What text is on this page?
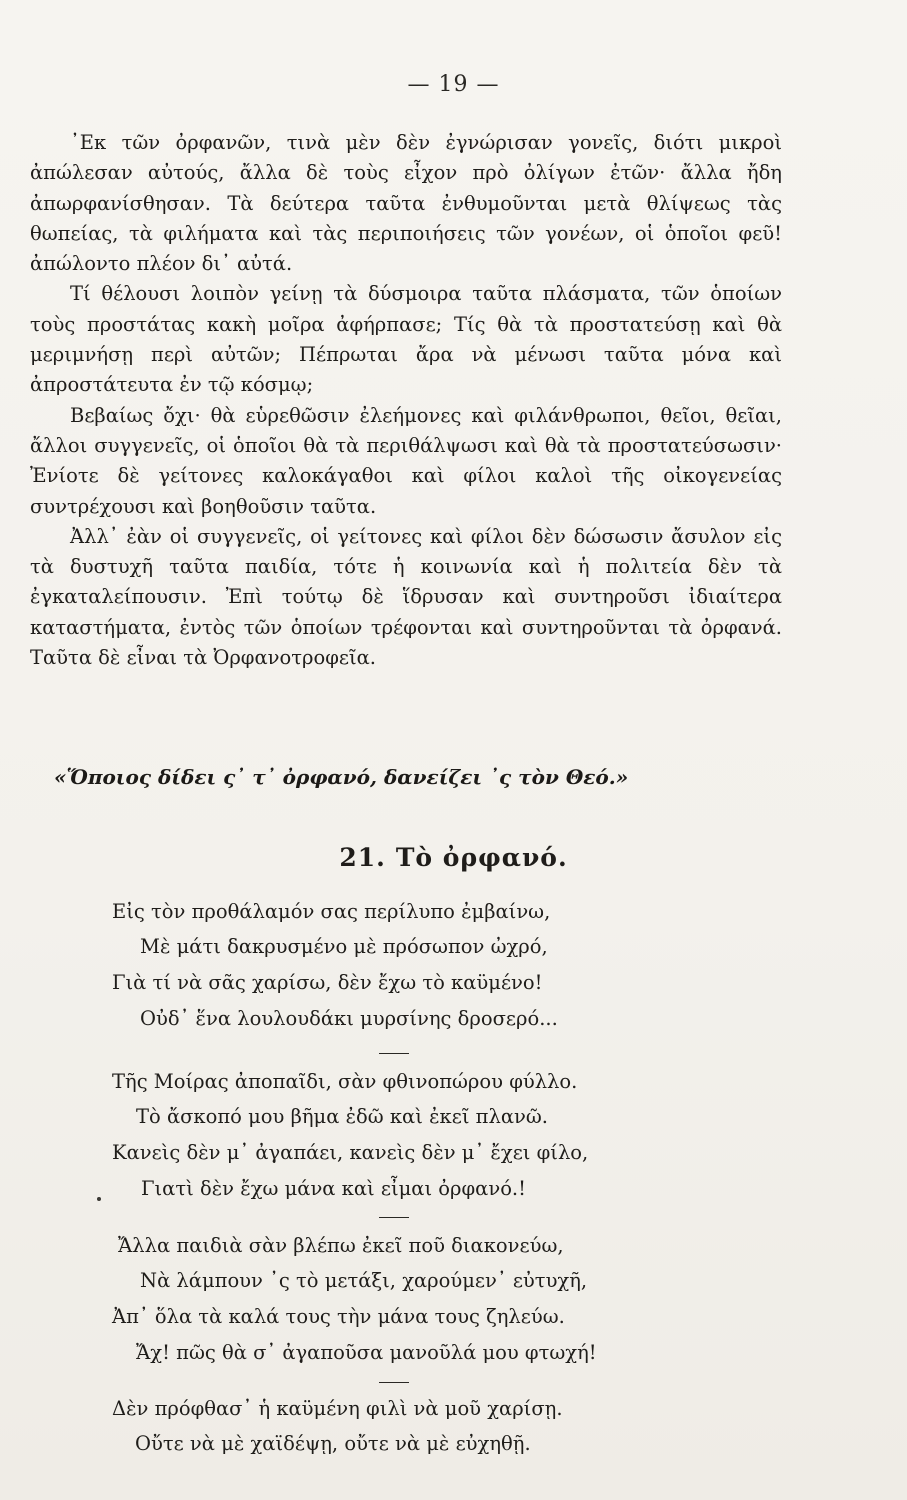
— 19 —

᾿Εκ τῶν ὀρφανῶν, τινὰ μὲν δὲν ἐγνώρισαν γονεῖς, διότι μικροὶ ἀπώλεσαν αὐτούς, ἄλλα δὲ τοὺς εἶχον πρὸ ὀλίγων ἐτῶν· ἄλλα ἤδη ἀπωρφανίσθησαν. Τὰ δεύτερα ταῦτα ἐνθυμοῦνται μετὰ θλίψεως τὰς θωπείας, τὰ φιλήματα καὶ τὰς περιποιήσεις τῶν γονέων, οἱ ὁποῖοι φεῦ! ἀπώλοντο πλέον δι᾿ αὐτά.

Τί θέλουσι λοιπὸν γείνῃ τὰ δύσμοιρα ταῦτα πλάσματα, τῶν ὁποίων τοὺς προστάτας κακὴ μοῖρα ἀφήρπασε; Τίς θὰ τὰ προστατεύσῃ καὶ θὰ μεριμνήσῃ περὶ αὐτῶν; Πέπρωται ἄρα νὰ μένωσι ταῦτα μόνα καὶ ἀπροστάτευτα ἐν τῷ κόσμῳ;

Βεβαίως ὄχι· θὰ εὑρεθῶσιν ἐλεήμονες καὶ φιλάνθρωποι, θεῖοι, θεῖαι, ἄλλοι συγγενεῖς, οἱ ὁποῖοι θὰ τὰ περιθάλψωσι καὶ θὰ τὰ προστατεύσωσιν· Ἐνίοτε δὲ γείτονες καλοκάγαθοι καὶ φίλοι καλοὶ τῆς οἰκογενείας συντρέχουσι καὶ βοηθοῦσιν ταῦτα.

Ἀλλ᾿ ἐὰν οἱ συγγενεῖς, οἱ γείτονες καὶ φίλοι δὲν δώσωσιν ἄσυλον εἰς τὰ δυστυχῆ ταῦτα παιδία, τότε ἡ κοινωνία καὶ ἡ πολιτεία δὲν τὰ ἐγκαταλείπουσιν. Ἐπὶ τούτῳ δὲ ἵδρυσαν καὶ συντηροῦσι ἰδιαίτερα καταστήματα, ἐντὸς τῶν ὁποίων τρέφονται καὶ συντηροῦνται τὰ ὀρφανά. Ταῦτα δὲ εἶναι τὰ Ὀρφανοτροφεῖα.

«Ὅποιος δίδει ς᾿ τ᾿ ὀρφανό, δανείζει ᾿ς τὸν Θεό.»
21. Τὸ ὀρφανό.
Εἰς τὸν προθάλαμόν σας περίλυπο ἐμβαίνω,
Μὲ μάτι δακρυσμένο μὲ πρόσωπον ὠχρό,
Γιὰ τί νὰ σᾶς χαρίσω, δὲν ἔχω τὸ καϋμένο!
Οὐδ᾿ ἕνα λουλουδάκι μυρσίνης δροσερό...
Τῆς Μοίρας ἀποπαῖδι, σὰν φθινοπώρου φύλλο.
Τὸ ἄσκοπό μου βῆμα ἐδῶ καὶ ἐκεῖ πλανῶ.
Κανεὶς δὲν μ᾿ ἀγαπάει, κανεὶς δὲν μ᾿ ἔχει φίλο,
Γιατὶ δὲν ἔχω μάνα καὶ εἶμαι ὀρφανό.!
Ἄλλα παιδιὰ σὰν βλέπω ἐκεῖ ποῦ διακονεύω,
Νὰ λάμπουν ᾿ς τὸ μετάξι, χαρούμεν᾿ εὐτυχῆ,
Ἀπ᾿ ὅλα τὰ καλά τους τὴν μάνα τους ζηλεύω.
Ἄχ! πῶς θὰ σ᾿ ἀγαποῦσα μανοῦλά μου φτωχή!
Δὲν πρόφθασ᾿ ἡ καϋμένη φιλὶ νὰ μοῦ χαρίσῃ.
Οὔτε νὰ μὲ χαϊδέψῃ, οὔτε νὰ μὲ εὐχηθῇ.
